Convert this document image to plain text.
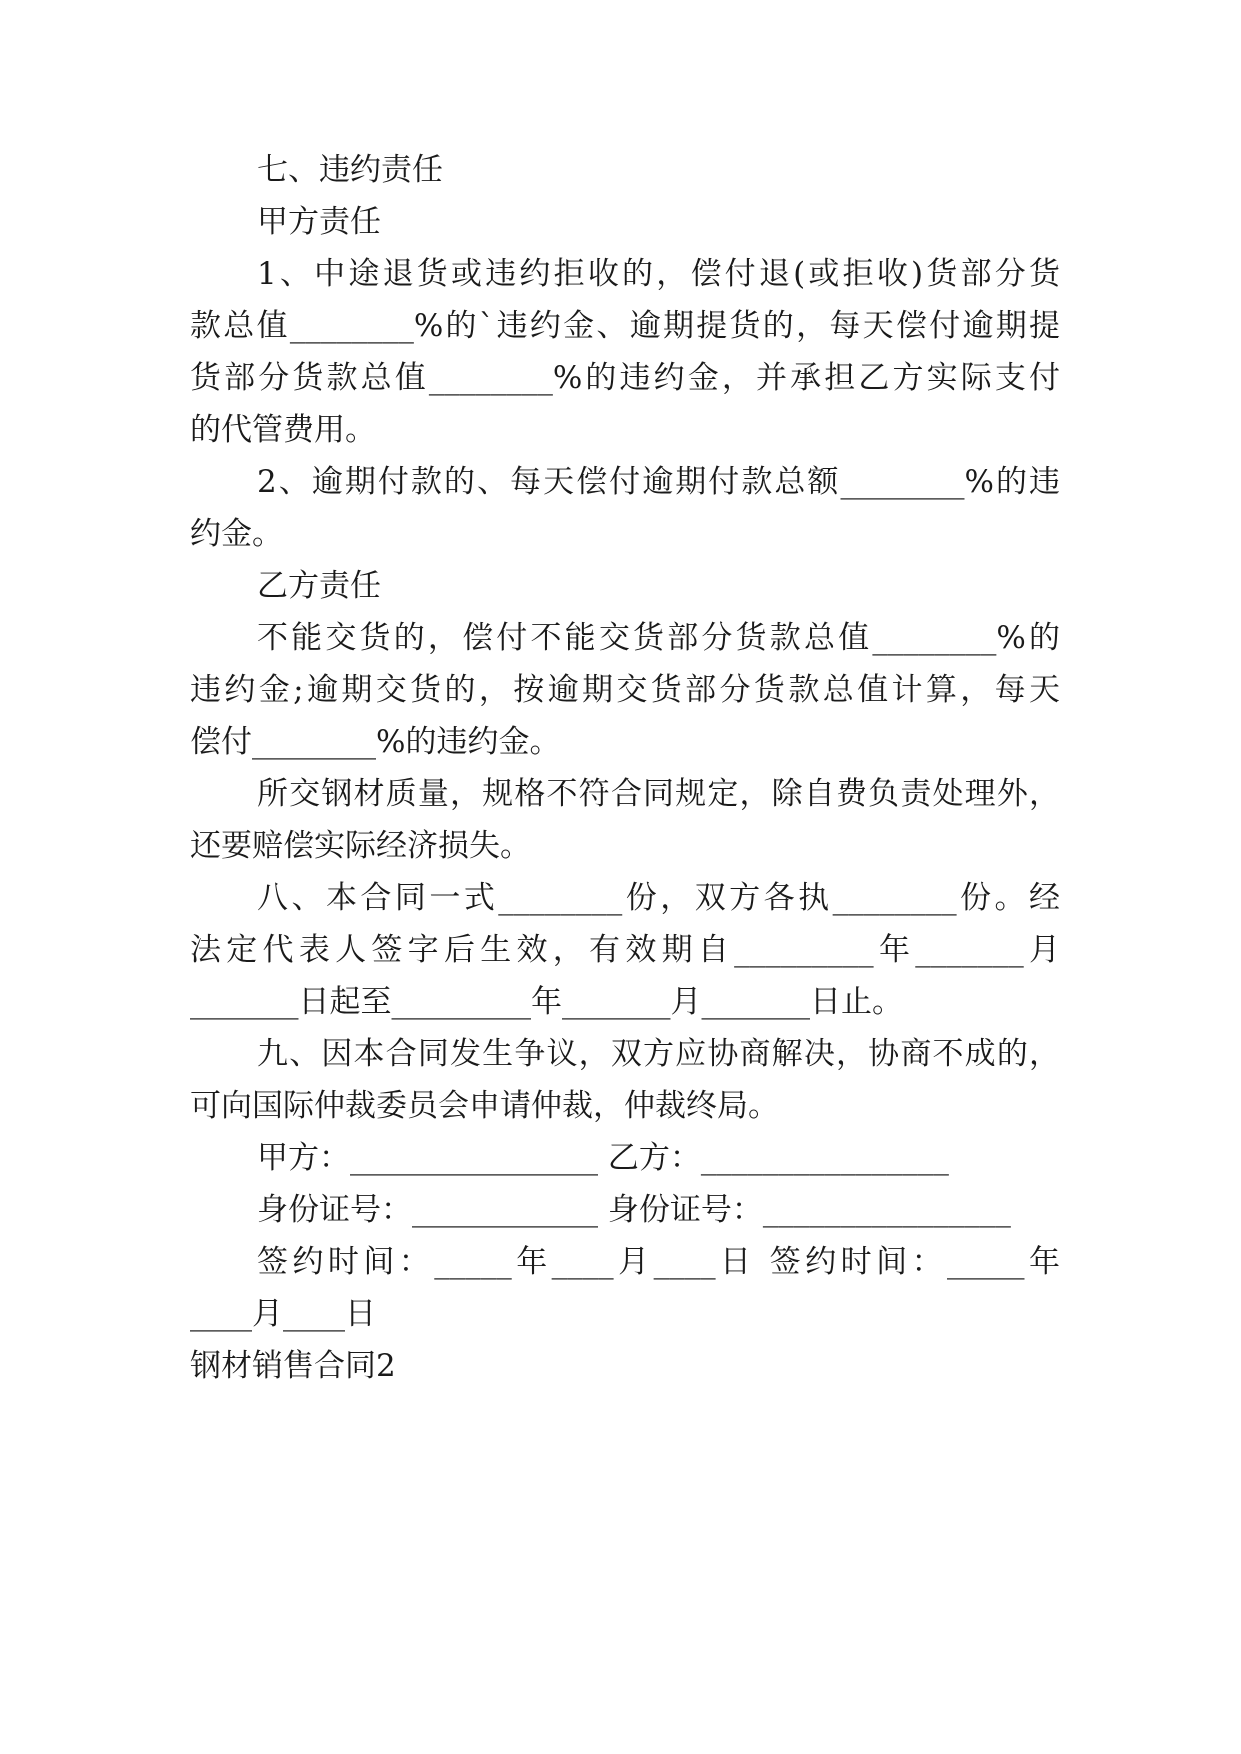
七、违约责任
甲方责任
1、中途退货或违约拒收的，偿付退(或拒收)货部分货
款总值________%的`违约金、逾期提货的，每天偿付逾期提
货部分货款总值________%的违约金，并承担乙方实际支付
的代管费用。
2、逾期付款的、每天偿付逾期付款总额________%的违
约金。
乙方责任
不能交货的，偿付不能交货部分货款总值________%的
违约金;逾期交货的，按逾期交货部分货款总值计算，每天
偿付________%的违约金。
所交钢材质量，规格不符合同规定，除自费负责处理外，
还要赔偿实际经济损失。
八、本合同一式________份，双方各执________份。经
法定代表人签字后生效，有效期自_________年_______月
_______日起至_________年_______月_______日止。
九、因本合同发生争议，双方应协商解决，协商不成的，
可向国际仲裁委员会申请仲裁，仲裁终局。
甲方：________________ 乙方：________________
身份证号：____________ 身份证号：________________
签约时间：_____年____月____日 签约时间：_____年
____月____日
钢材销售合同2
